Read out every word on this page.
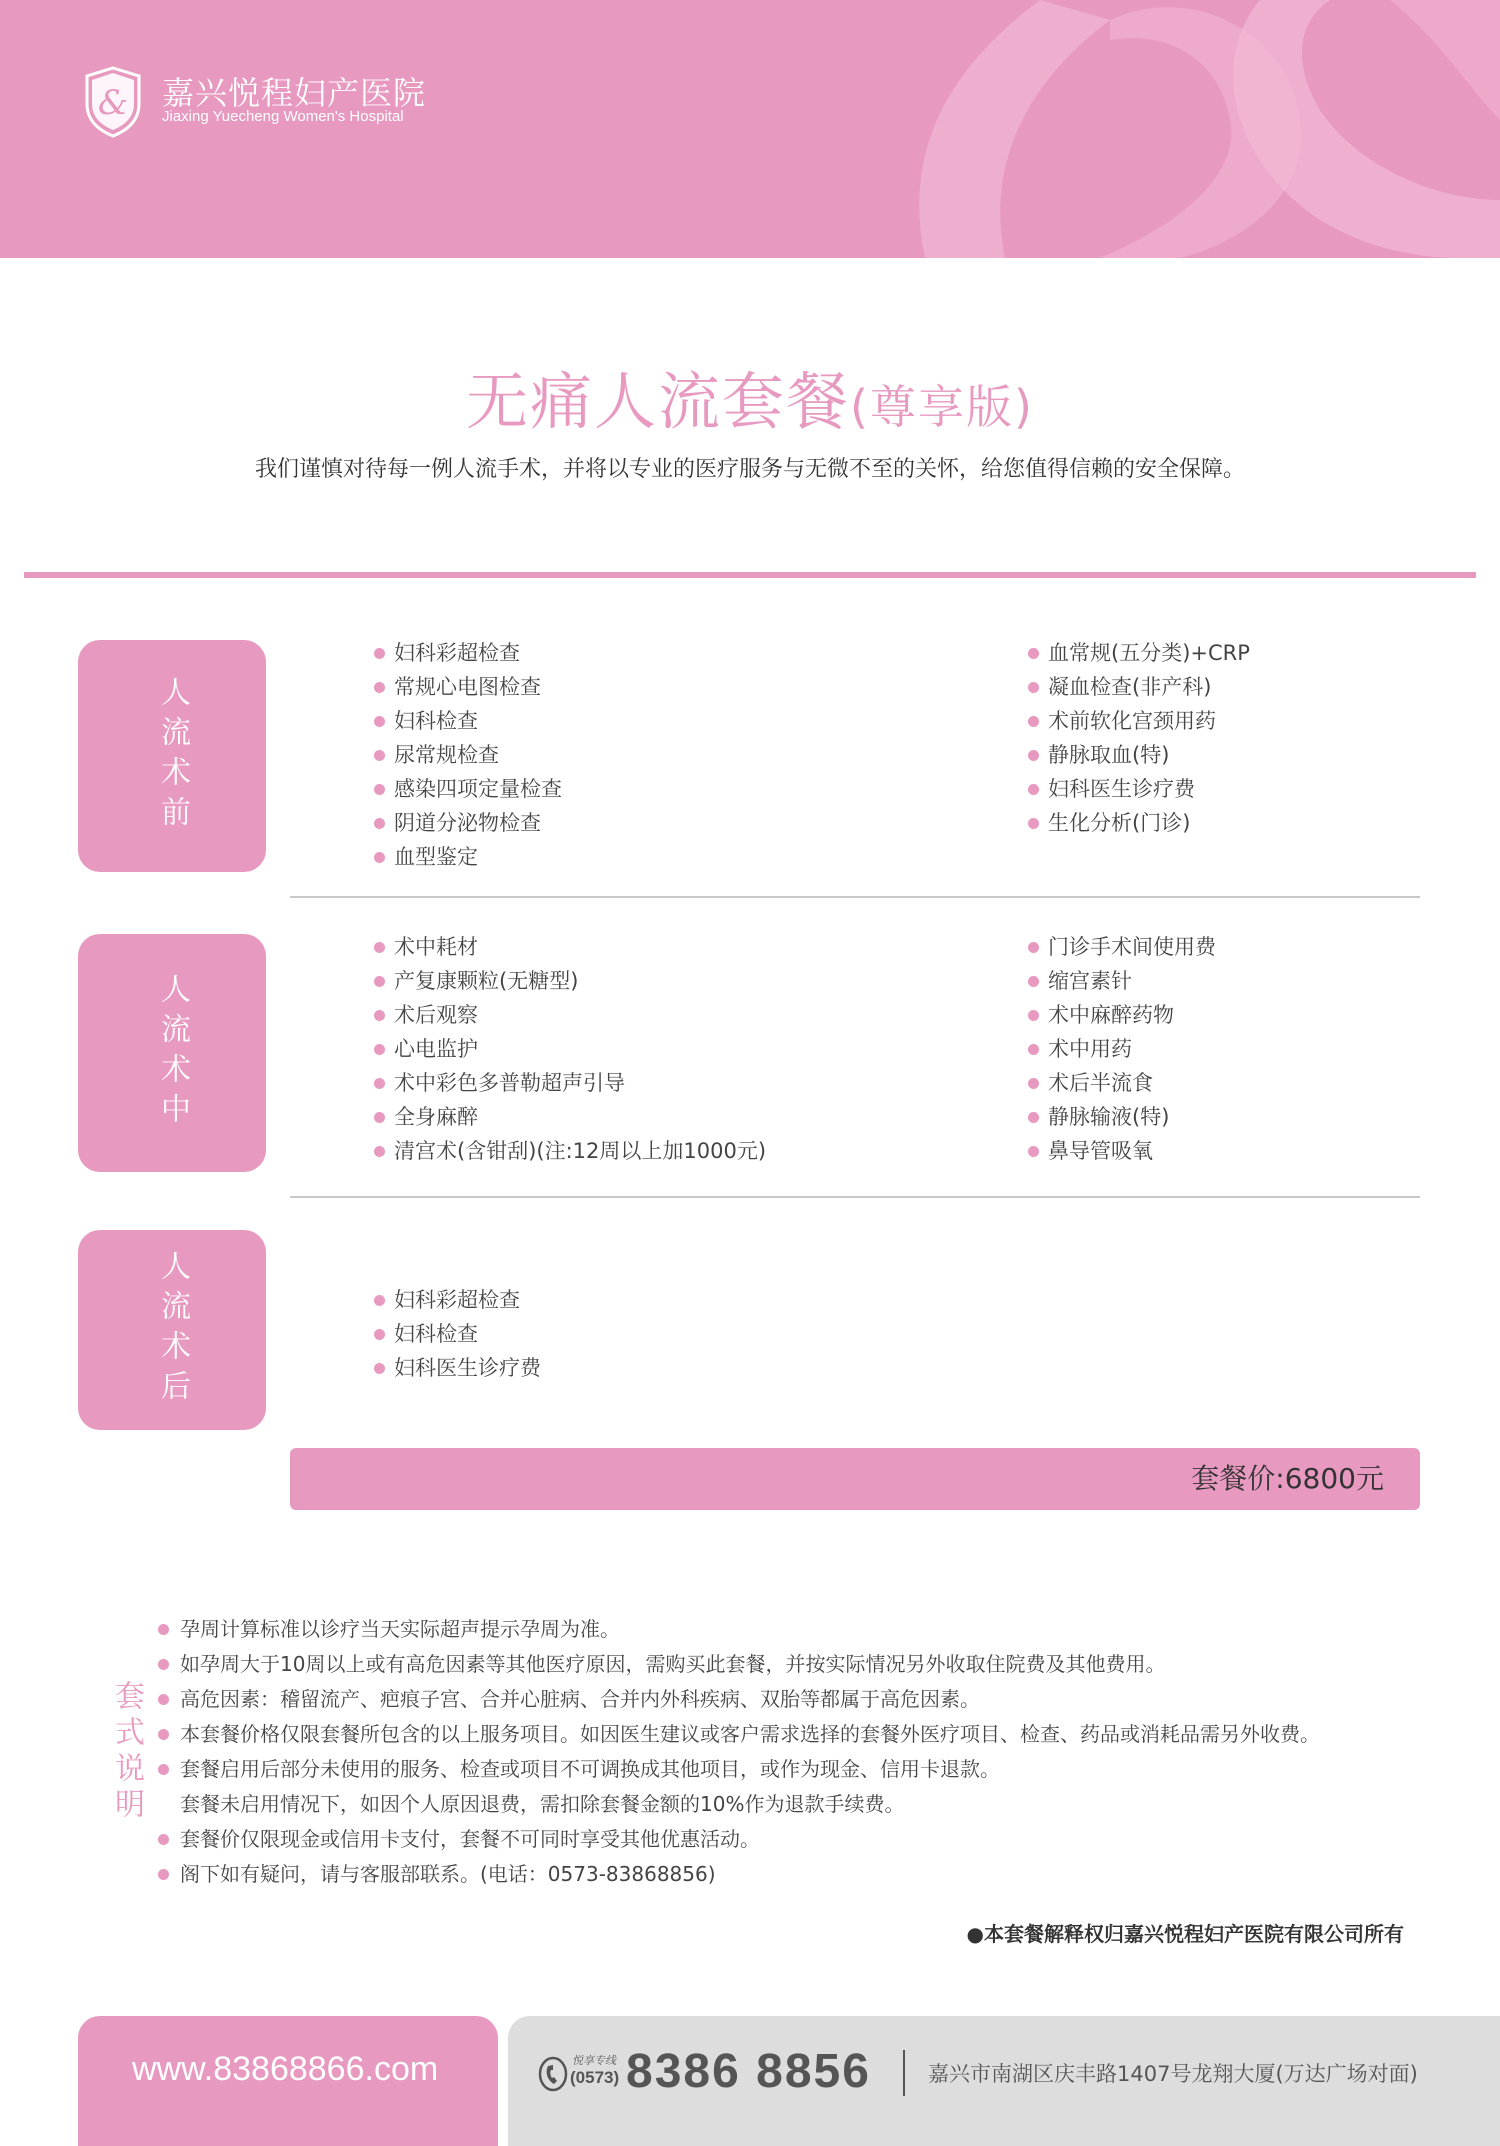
& 嘉兴悦程妇产医院
Jiaxing Yuecheng Women's Hospital
无痛人流套餐(尊享版)
我们谨慎对待每一例人流手术，并将以专业的医疗服务与无微不至的关怀，给您值得信赖的安全保障。
人流术前
妇科彩超检查
常规心电图检查
妇科检查
尿常规检查
感染四项定量检查
阴道分泌物检查
血型鉴定
血常规(五分类)+CRP
凝血检查(非产科)
术前软化宫颈用药
静脉取血(特)
妇科医生诊疗费
生化分析(门诊)
人流术中
术中耗材
产复康颗粒(无糖型)
术后观察
心电监护
术中彩色多普勒超声引导
全身麻醉
清宫术(含钳刮)(注:12周以上加1000元)
门诊手术间使用费
缩宫素针
术中麻醉药物
术中用药
术后半流食
静脉输液(特)
鼻导管吸氧
人流术后	妇科彩超检查
妇科检查
妇科医生诊疗费
套餐价:6800元
套式说明
孕周计算标准以诊疗当天实际超声提示孕周为准。
如孕周大于10周以上或有高危因素等其他医疗原因，需购买此套餐，并按实际情况另外收取住院费及其他费用。
高危因素：稽留流产、疤痕子宫、合并心脏病、合并内外科疾病、双胎等都属于高危因素。
本套餐价格仅限套餐所包含的以上服务项目。如因医生建议或客户需求选择的套餐外医疗项目、检查、药品或消耗品需另外收费。
套餐启用后部分未使用的服务、检查或项目不可调换成其他项目，或作为现金、信用卡退款。
套餐未启用情况下，如因个人原因退费，需扣除套餐金额的10%作为退款手续费。
套餐价仅限现金或信用卡支付，套餐不可同时享受其他优惠活动。
阁下如有疑问，请与客服部联系。(电话：0573-83868856)
●本套餐解释权归嘉兴悦程妇产医院有限公司所有
www.83868866.com	悦享专线
(0573) 8386 8856	嘉兴市南湖区庆丰路1407号龙翔大厦(万达广场对面)
